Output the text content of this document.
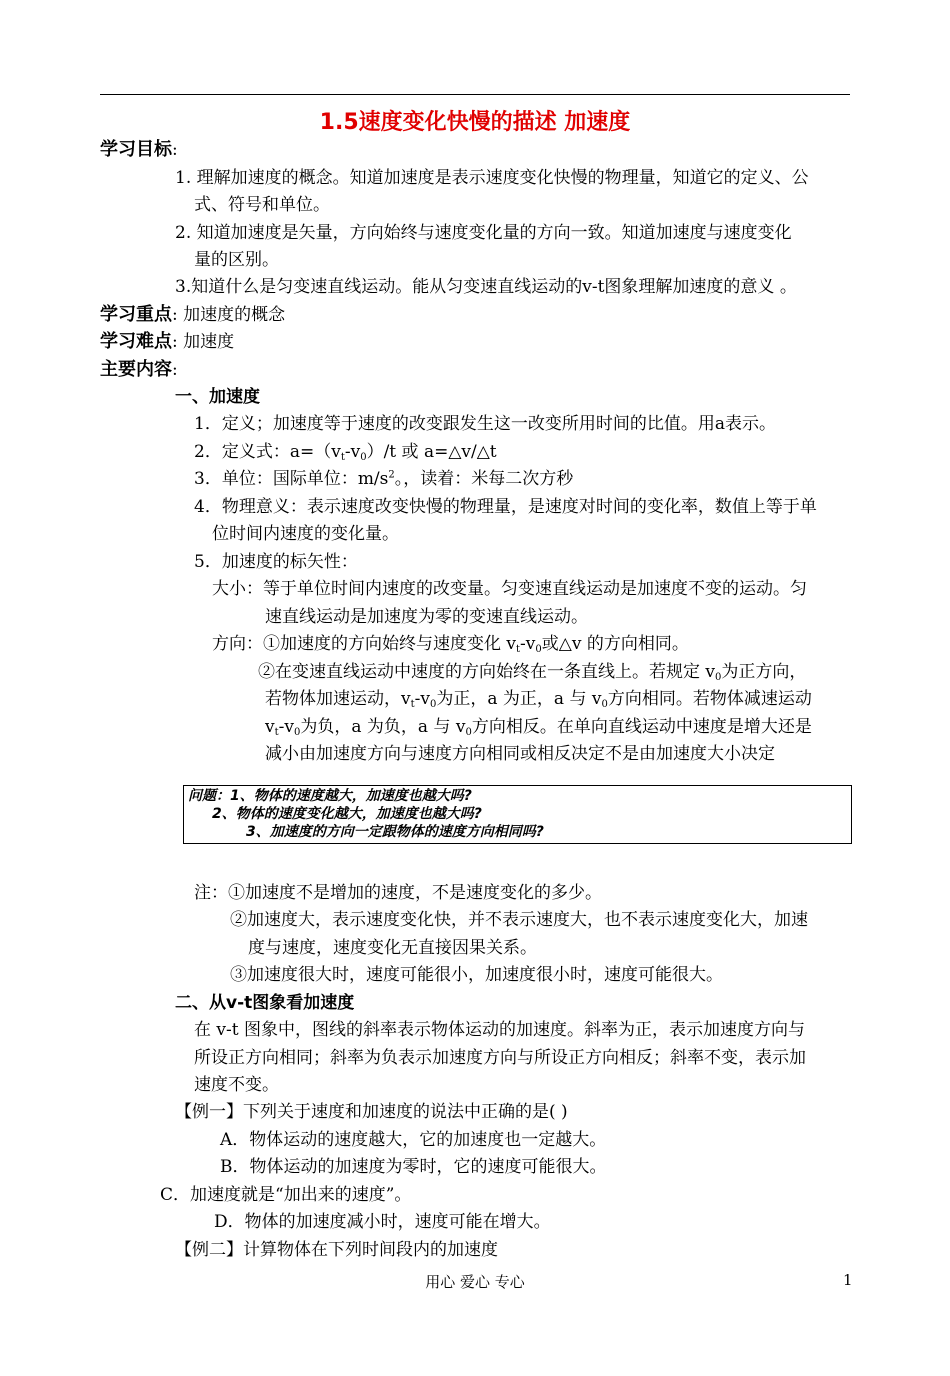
1.5速度变化快慢的描述 加速度
学习目标:
1. 理解加速度的概念。知道加速度是表示速度变化快慢的物理量，知道它的定义、公
式、符号和单位。
2. 知道加速度是矢量，方向始终与速度变化量的方向一致。知道加速度与速度变化
量的区别。
3.知道什么是匀变速直线运动。能从匀变速直线运动的v-t图象理解加速度的意义 。
学习重点: 加速度的概念
学习难点: 加速度
主要内容:
一、加速度
1．定义；加速度等于速度的改变跟发生这一改变所用时间的比值。用a表示。
2．定义式：$a=(v_t-v_0)/t$ 或 a=△v/△t
3．单位：国际单位：$m/s^2$。，读着：米每二次方秒
4．物理意义：表示速度改变快慢的物理量，是速度对时间的变化率，数值上等于单
位时间内速度的变化量。
5．加速度的标矢性：
大小：等于单位时间内速度的改变量。匀变速直线运动是加速度不变的运动。匀
速直线运动是加速度为零的变速直线运动。
方向：①加速度的方向始终与速度变化 $v_t-v_0$或△v 的方向相同。
②在变速直线运动中速度的方向始终在一条直线上。若规定 $v_0$为正方向，
若物体加速运动，$v_t-v_0$为正，a 为正，a 与 $v_0$方向相同。若物体减速运动
$v_t-v_0$为负，a 为负，a 与 $v_0$方向相反。在单向直线运动中速度是增大还是
减小由加速度方向与速度方向相同或相反决定不是由加速度大小决定
问题：1、物体的速度越大，加速度也越大吗?
2、物体的速度变化越大，加速度也越大吗?
3、加速度的方向一定跟物体的速度方向相同吗?
注：①加速度不是增加的速度，不是速度变化的多少。
②加速度大，表示速度变化快，并不表示速度大，也不表示速度变化大，加速
度与速度，速度变化无直接因果关系。
③加速度很大时，速度可能很小，加速度很小时，速度可能很大。
二、从v-t图象看加速度
在 v-t 图象中，图线的斜率表示物体运动的加速度。斜率为正，表示加速度方向与
所设正方向相同；斜率为负表示加速度方向与所设正方向相反；斜率不变，表示加
速度不变。
【例一】下列关于速度和加速度的说法中正确的是( )
A．物体运动的速度越大，它的加速度也一定越大。
B．物体运动的加速度为零时，它的速度可能很大。
C．加速度就是“加出来的速度”。
D．物体的加速度减小时，速度可能在增大。
【例二】计算物体在下列时间段内的加速度
用心 爱心 专心	1
